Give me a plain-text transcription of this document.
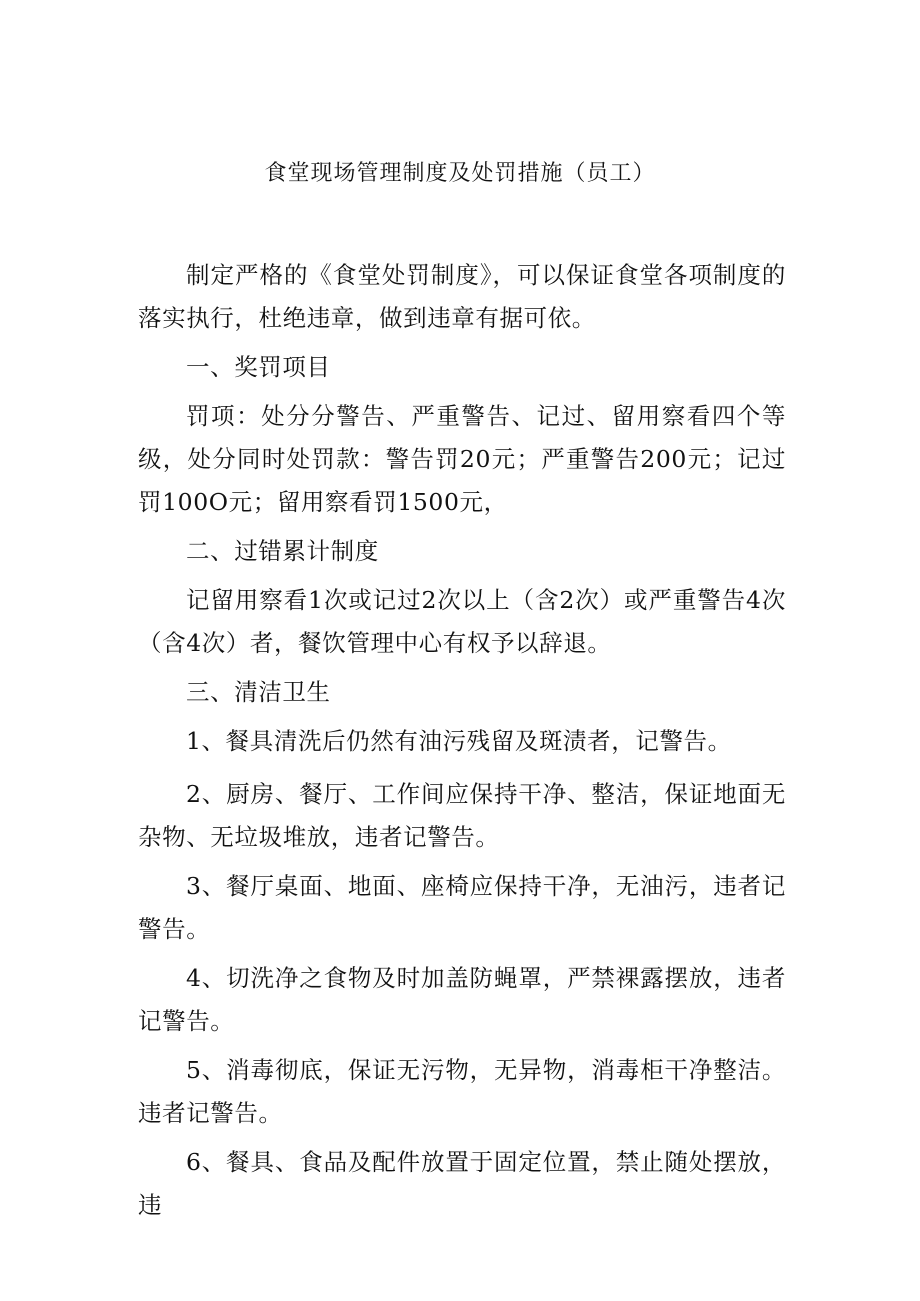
食堂现场管理制度及处罚措施（员工）

制定严格的《食堂处罚制度》，可以保证食堂各项制度的落实执行，杜绝违章，做到违章有据可依。

一、奖罚项目

罚项：处分分警告、严重警告、记过、留用察看四个等级，处分同时处罚款：警告罚20元；严重警告200元；记过罚100O元；留用察看罚1500元，

二、过错累计制度

记留用察看1次或记过2次以上（含2次）或严重警告4次（含4次）者，餐饮管理中心有权予以辞退。

三、清洁卫生

1、餐具清洗后仍然有油污残留及斑渍者，记警告。

2、厨房、餐厅、工作间应保持干净、整洁，保证地面无杂物、无垃圾堆放，违者记警告。

3、餐厅桌面、地面、座椅应保持干净，无油污，违者记警告。

4、切洗净之食物及时加盖防蝇罩，严禁裸露摆放，违者记警告。

5、消毒彻底，保证无污物，无异物，消毒柜干净整洁。违者记警告。

6、餐具、食品及配件放置于固定位置，禁止随处摆放，违
